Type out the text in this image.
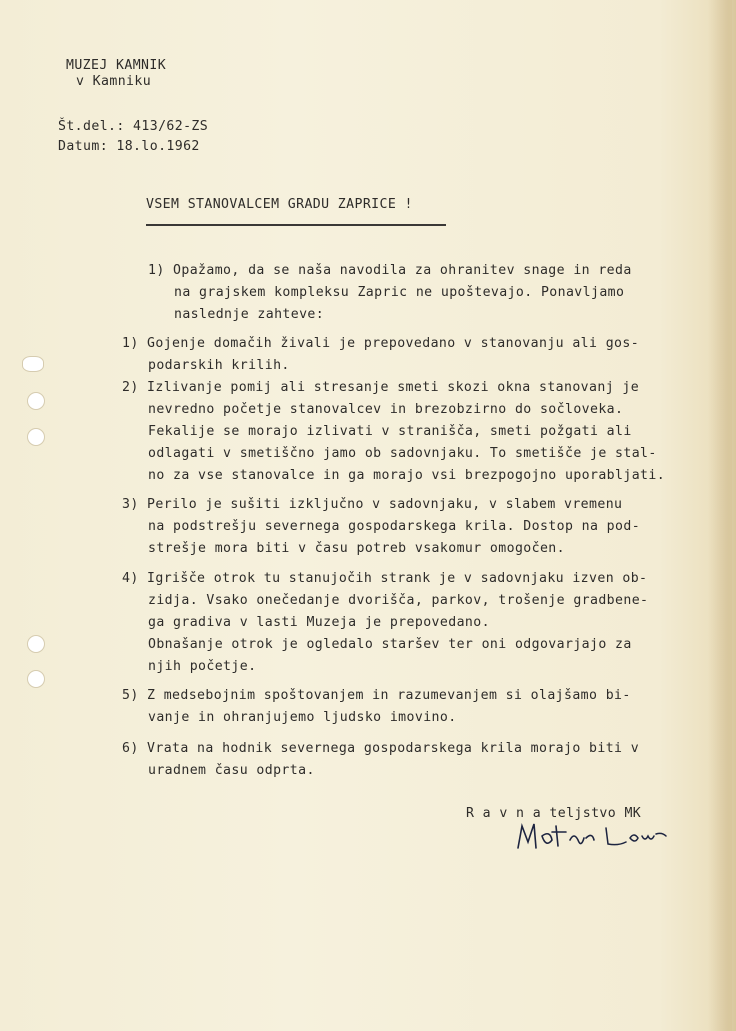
MUZEJ KAMNIK
v Kamniku
Št.del.: 413/62-ZS
Datum: 18.lo.1962
VSEM STANOVALCEM GRADU ZAPRICE !
1) Opažamo, da se naša navodila za ohranitev snage in reda
na grajskem kompleksu Zapric ne upoštevajo. Ponavljamo
naslednje zahteve:
1) Gojenje domačih živali je prepovedano v stanovanju ali gos-
podarskih krilih.
2) Izlivanje pomij ali stresanje smeti skozi okna stanovanj je
nevredno početje stanovalcev in brezobzirno do sočloveka.
Fekalije se morajo izlivati v straniščа, smeti požgati ali
odlagati v smetiščno jamo ob sadovnjaku. To smetišče je stal-
no za vse stanovalce in ga morajo vsi brezpogojno uporabljati.
3) Perilo je sušiti izključno v sadovnjaku, v slabem vremenu
na podstrešju severnega gospodarskega krila. Dostop na pod-
strešje mora biti v času potreb vsakomur omogočen.
4) Igrišče otrok tu stanujočih strank je v sadovnjaku izven ob-
zidja. Vsako onečedanje dvorišča, parkov, trošenje gradbene-
ga gradiva v lasti Muzeja je prepovedano.
Obnašanje otrok je ogledalo staršev ter oni odgovarjajo za
njih početje.
5) Z medsebojnim spoštovanjem in razumevanjem si olajšamo bi-
vanje in ohranjujemo ljudsko imovino.
6) Vrata na hodnik severnega gospodarskega krila morajo biti v
uradnem času odprta.
R a v n a teljstvo MK
